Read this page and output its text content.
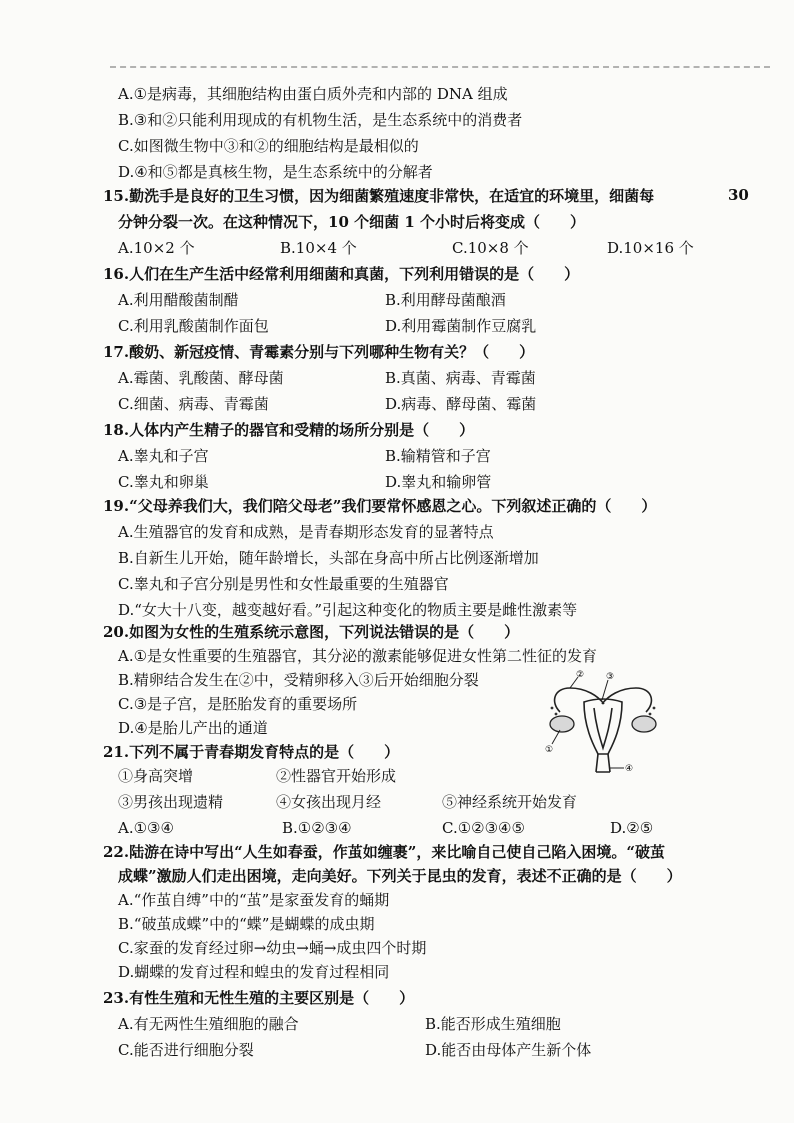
A.①是病毒，其细胞结构由蛋白质外壳和内部的 DNA 组成
B.③和②只能利用现成的有机物生活，是生态系统中的消费者
C.如图微生物中③和②的细胞结构是最相似的
D.④和⑤都是真核生物，是生态系统中的分解者
15.勤洗手是良好的卫生习惯，因为细菌繁殖速度非常快，在适宜的环境里，细菌每	30
分钟分裂一次。在这种情况下，10 个细菌 1 个小时后将变成（　　）
A.10×2 个	B.10×4 个	C.10×8 个	D.10×16 个
16.人们在生产生活中经常利用细菌和真菌，下列利用错误的是（　　）
A.利用醋酸菌制醋	B.利用酵母菌酿酒
C.利用乳酸菌制作面包	D.利用霉菌制作豆腐乳
17.酸奶、新冠疫情、青霉素分别与下列哪种生物有关？（　　）
A.霉菌、乳酸菌、酵母菌	B.真菌、病毒、青霉菌
C.细菌、病毒、青霉菌	D.病毒、酵母菌、霉菌
18.人体内产生精子的器官和受精的场所分别是（　　）
A.睾丸和子宫	B.输精管和子宫
C.睾丸和卵巢	D.睾丸和输卵管
19.“父母养我们大，我们陪父母老”我们要常怀感恩之心。下列叙述正确的（　　）
A.生殖器官的发育和成熟，是青春期形态发育的显著特点
B.自新生儿开始，随年龄增长，头部在身高中所占比例逐渐增加
C.睾丸和子宫分别是男性和女性最重要的生殖器官
D.“女大十八变，越变越好看。”引起这种变化的物质主要是雌性激素等
20.如图为女性的生殖系统示意图，下列说法错误的是（　　）
A.①是女性重要的生殖器官，其分泌的激素能够促进女性第二性征的发育
B.精卵结合发生在②中，受精卵移入③后开始细胞分裂
C.③是子宫，是胚胎发育的重要场所
D.④是胎儿产出的通道
② ③
①
④
21.下列不属于青春期发育特点的是（　　）
①身高突增	②性器官开始形成
③男孩出现遗精	④女孩出现月经	⑤神经系统开始发育
A.①③④	B.①②③④	C.①②③④⑤	D.②⑤
22.陆游在诗中写出“人生如春蚕，作茧如缠裹”，来比喻自己使自己陷入困境。“破茧
成蝶”激励人们走出困境，走向美好。下列关于昆虫的发育，表述不正确的是（　　）
A.“作茧自缚”中的“茧”是家蚕发育的蛹期
B.“破茧成蝶”中的“蝶”是蝴蝶的成虫期
C.家蚕的发育经过卵→幼虫→蛹→成虫四个时期
D.蝴蝶的发育过程和蝗虫的发育过程相同
23.有性生殖和无性生殖的主要区别是（　　）
A.有无两性生殖细胞的融合	B.能否形成生殖细胞
C.能否进行细胞分裂	D.能否由母体产生新个体
